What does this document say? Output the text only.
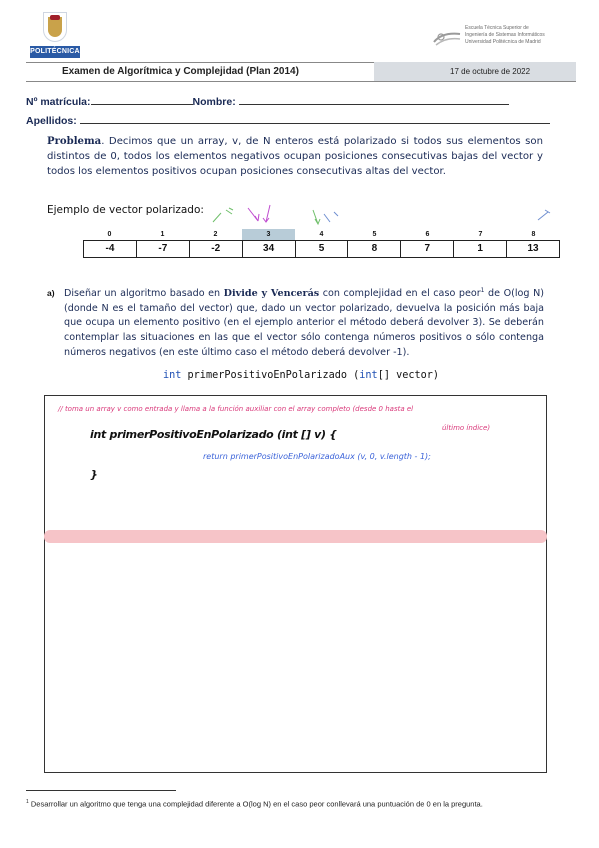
POLITÉCNICA
Escuela Técnica Superior de
Ingeniería de Sistemas Informáticos
Universidad Politécnica de Madrid
Examen de Algorítmica y Complejidad (Plan 2014)	17 de octubre de 2022
Nº matrícula:	Nombre:
Apellidos:
Problema. Decimos que un array, v, de N enteros está polarizado si todos sus elementos son distintos de 0, todos los elementos negativos ocupan posiciones consecutivas bajas del vector y todos los elementos positivos ocupan posiciones consecutivas altas del vector.
Ejemplo de vector polarizado:
0	1	2	3	4	5	6	7	8
-4	-7	-2	34	5	8	7	1	13
a) Diseñar un algoritmo basado en Divide y Vencerás con complejidad en el caso peor$^1$ de O(log N) (donde N es el tamaño del vector) que, dado un vector polarizado, devuelva la posición más baja que ocupa un elemento positivo (en el ejemplo anterior el método deberá devolver 3). Se deberán contemplar las situaciones en las que el vector sólo contenga números positivos o sólo contenga números negativos (en este último caso el método deberá devolver -1).
int primerPositivoEnPolarizado (int[] vector)
// toma un array v como entrada y llama a la función auxiliar con el array completo (desde 0 hasta el
último índice)
int primerPositivoEnPolarizado (int [] v) {
return primerPositivoEnPolarizadoAux (v, 0, v.length - 1);
}
$^1$ Desarrollar un algoritmo que tenga una complejidad diferente a O(log N) en el caso peor conllevará una puntuación de 0 en la pregunta.
